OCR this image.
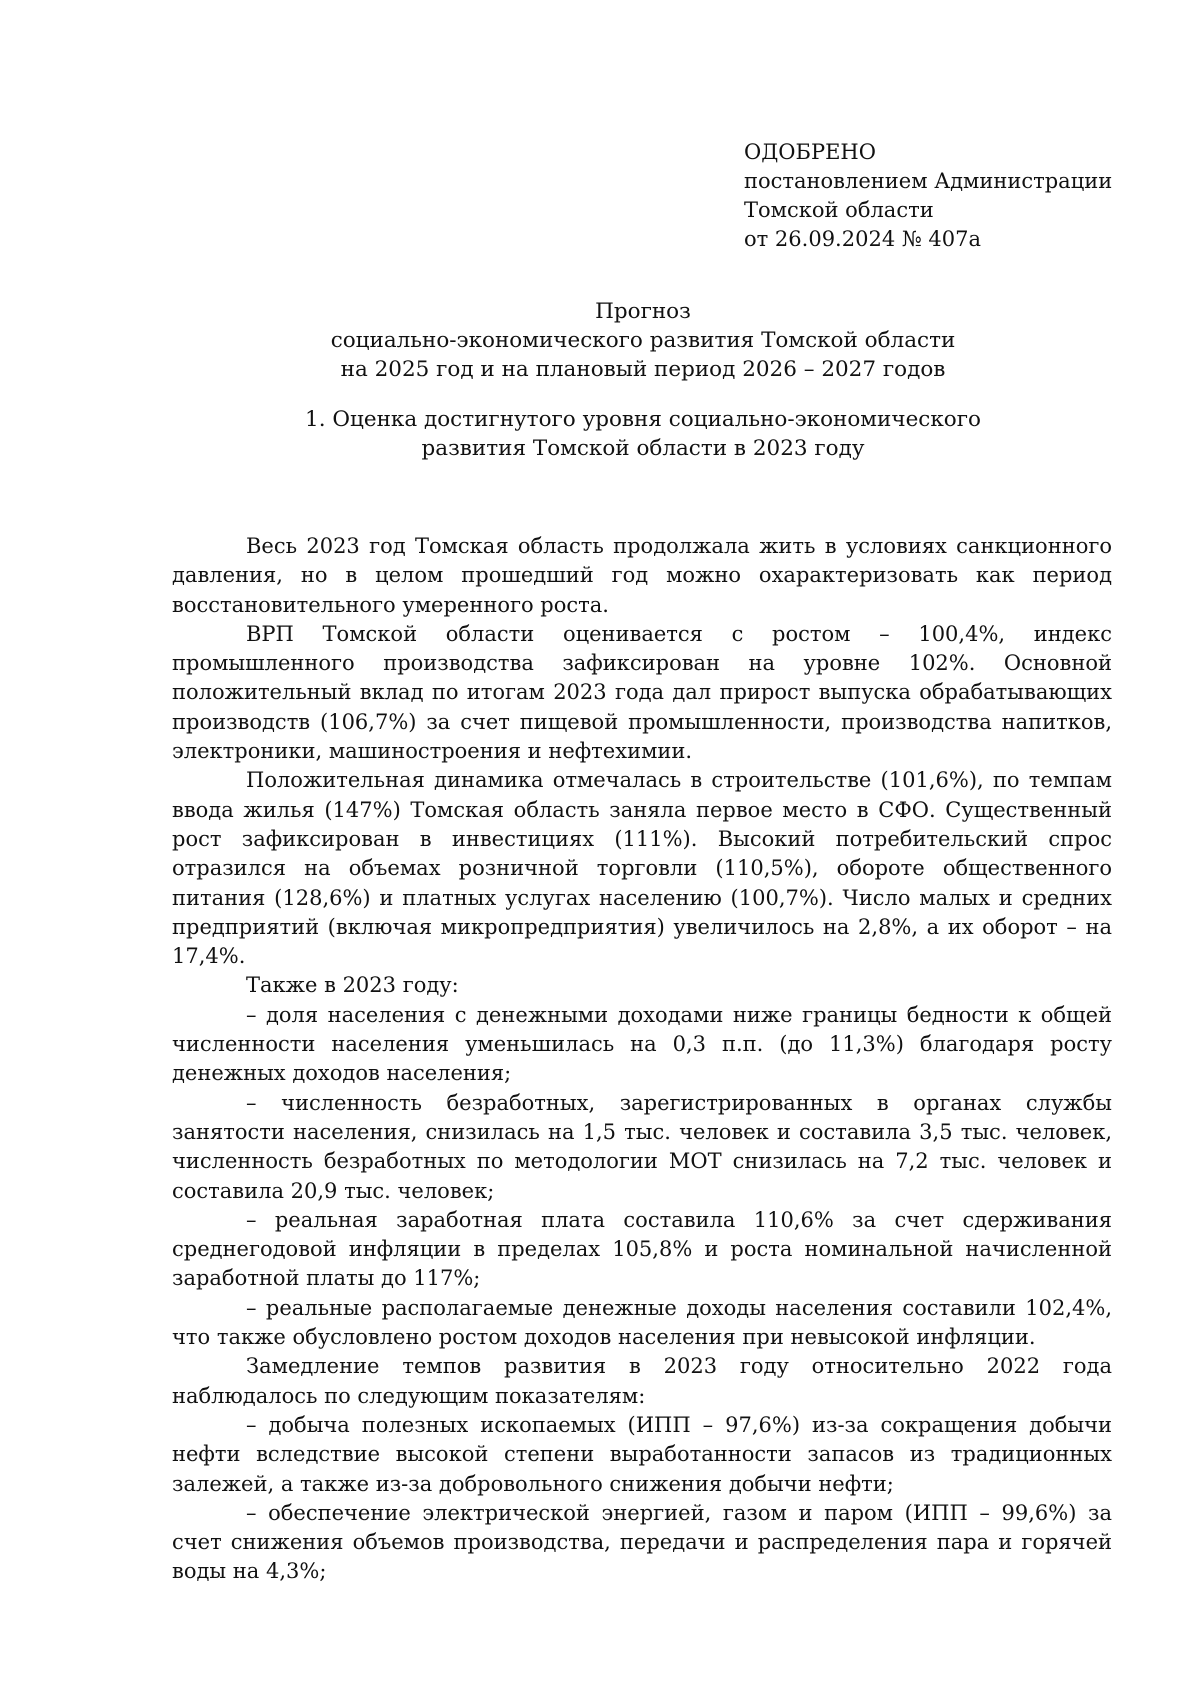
ОДОБРЕНО
постановлением Администрации
Томской области
от 26.09.2024 № 407а
Прогноз
социально-экономического развития Томской области
на 2025 год и на плановый период 2026 – 2027 годов
1. Оценка достигнутого уровня социально-экономического
развития Томской области в 2023 году

Весь 2023 год Томская область продолжала жить в условиях санкционного давления, но в целом прошедший год можно охарактеризовать как период восстановительного умеренного роста.

ВРП Томской области оценивается с ростом – 100,4%, индекс промышленного производства зафиксирован на уровне 102%. Основной положительный вклад по итогам 2023 года дал прирост выпуска обрабатывающих производств (106,7%) за счет пищевой промышленности, производства напитков, электроники, машиностроения и нефтехимии.

Положительная динамика отмечалась в строительстве (101,6%), по темпам ввода жилья (147%) Томская область заняла первое место в СФО. Существенный рост зафиксирован в инвестициях (111%). Высокий потребительский спрос отразился на объемах розничной торговли (110,5%), обороте общественного питания (128,6%) и платных услугах населению (100,7%). Число малых и средних предприятий (включая микропредприятия) увеличилось на 2,8%, а их оборот – на 17,4%.

Также в 2023 году:

– доля населения с денежными доходами ниже границы бедности к общей численности населения уменьшилась на 0,3 п.п. (до 11,3%) благодаря росту денежных доходов населения;

– численность безработных, зарегистрированных в органах службы занятости населения, снизилась на 1,5 тыс. человек и составила 3,5 тыс. человек, численность безработных по методологии МОТ снизилась на 7,2 тыс. человек и составила 20,9 тыс. человек;

– реальная заработная плата составила 110,6% за счет сдерживания среднегодовой инфляции в пределах 105,8% и роста номинальной начисленной заработной платы до 117%;

– реальные располагаемые денежные доходы населения составили 102,4%, что также обусловлено ростом доходов населения при невысокой инфляции.

Замедление темпов развития в 2023 году относительно 2022 года наблюдалось по следующим показателям:

– добыча полезных ископаемых (ИПП – 97,6%) из-за сокращения добычи нефти вследствие высокой степени выработанности запасов из традиционных залежей, а также из-за добровольного снижения добычи нефти;

– обеспечение электрической энергией, газом и паром (ИПП – 99,6%) за счет снижения объемов производства, передачи и распределения пара и горячей воды на 4,3%;
